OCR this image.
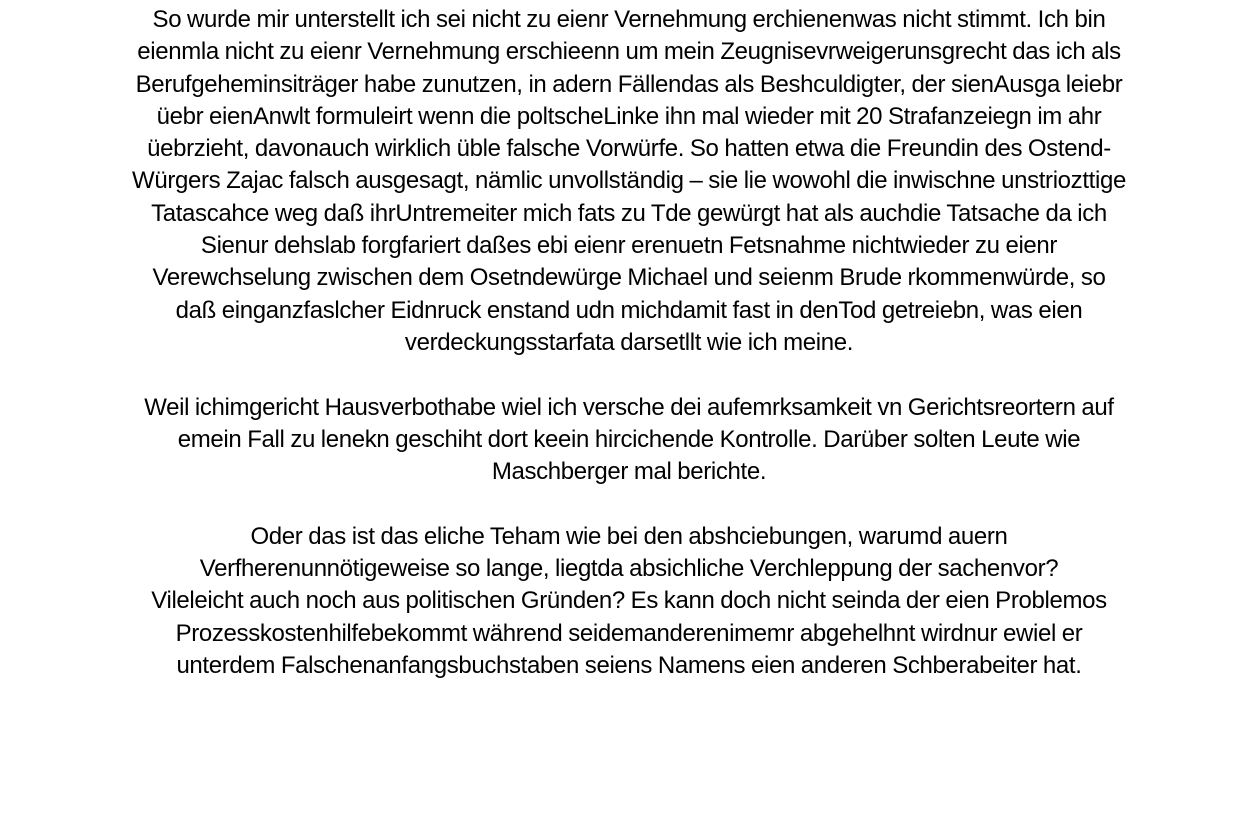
So wurde mir unterstellt ich sei nicht zu eienr Vernehmung erchienenwas nicht stimmt. Ich bin
eienmla nicht zu eienr Vernehmung erschieenn um mein Zeugnisevrweigerunsgrecht das ich als
Berufgeheminsiträger habe zunutzen, in adern Fällendas als Beshculdigter, der sienAusga leiebr
üebr eienAnwlt formuleirt wenn die poltscheLinke ihn mal wieder mit 20 Strafanzeiegn im ahr
üebrzieht, davonauch wirklich üble falsche Vorwürfe. So hatten etwa die Freundin des Ostend-
Würgers Zajac falsch ausgesagt, nämlic unvollständig – sie lie wowohl die inwischne unstriozttige
Tatascahce weg daß ihrUntremeiter mich fats zu Tde gewürgt hat als auchdie Tatsache da ich
Sienur dehslab forgfariert daßes ebi eienr erenuetn Fetsnahme nichtwieder zu eienr
Verewchselung zwischen dem Osetndewürge Michael und seienm Brude rkommenwürde, so
daß einganzfaslcher Eidnruck enstand udn michdamit fast in denTod getreiebn, was eien
verdeckungsstarfata darsetllt wie ich meine.

Weil ichimgericht Hausverbothabe wiel ich versche dei aufemrksamkeit vn Gerichtsreortern auf
emein Fall zu lenekn geschiht dort keein hircichende Kontrolle. Darüber solten Leute wie
Maschberger mal berichte.

Oder das ist das eliche Teham wie bei den abshciebungen, warumd auern
Verfherenunnötigeweise so lange, liegtda absichliche Verchleppung der sachenvor?
Vileleicht auch noch aus politischen Gründen? Es kann doch nicht seinda der eien Problemos
Prozesskostenhilfebekommt während seidemanderenimemr abgehelhnt wirdnur ewiel er
unterdem Falschenanfangsbuchstaben seiens Namens eien anderen Schberabeiter hat.
